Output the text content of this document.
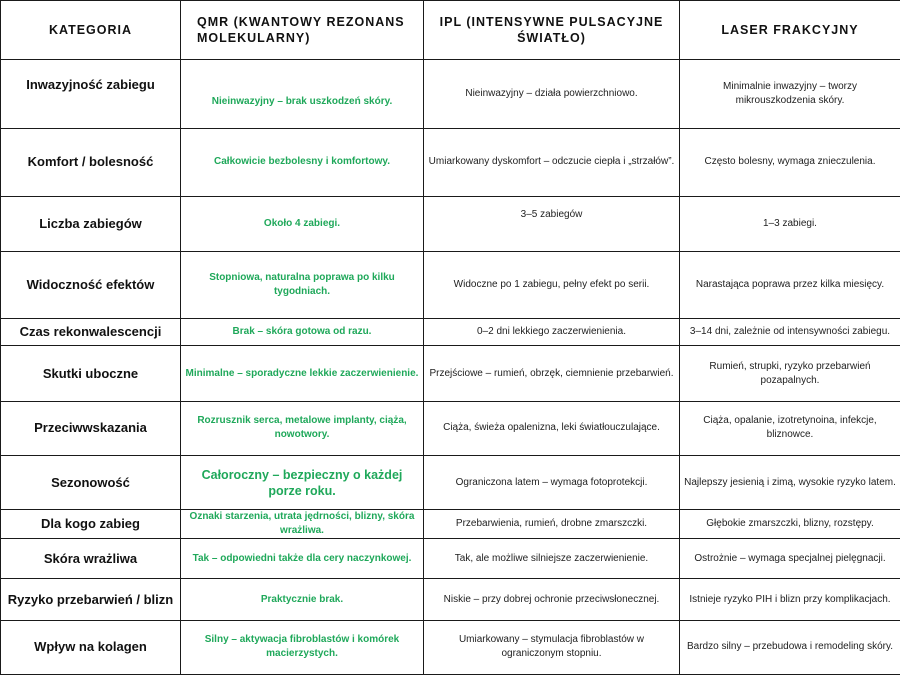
KATEGORIA	QMR (KWANTOWY REZONANS MOLEKULARNY)	IPL (INTENSYWNE PULSACYJNE ŚWIATŁO)	LASER FRAKCYJNY
Inwazyjność zabiegu	Nieinwazyjny – brak uszkodzeń skóry.	Nieinwazyjny – działa powierzchniowo.	Minimalnie inwazyjny – tworzy mikrouszkodzenia skóry.
Komfort / bolesność	Całkowicie bezbolesny i komfortowy.	Umiarkowany dyskomfort – odczucie ciepła i „strzałów”.	Często bolesny, wymaga znieczulenia.
Liczba zabiegów	Około 4 zabiegi.	3–5 zabiegów	1–3 zabiegi.
Widoczność efektów	Stopniowa, naturalna poprawa po kilku tygodniach.	Widoczne po 1 zabiegu, pełny efekt po serii.	Narastająca poprawa przez kilka miesięcy.
Czas rekonwalescencji	Brak – skóra gotowa od razu.	0–2 dni lekkiego zaczerwienienia.	3–14 dni, zależnie od intensywności zabiegu.
Skutki uboczne	Minimalne – sporadyczne lekkie zaczerwienienie.	Przejściowe – rumień, obrzęk, ciemnienie przebarwień.	Rumień, strupki, ryzyko przebarwień pozapalnych.
Przeciwwskazania	Rozrusznik serca, metalowe implanty, ciąża, nowotwory.	Ciąża, świeża opalenizna, leki światłouczulające.	Ciąża, opalanie, izotretynoina, infekcje, bliznowce.
Sezonowość	Całoroczny – bezpieczny o każdej porze roku.	Ograniczona latem – wymaga fotoprotekcji.	Najlepszy jesienią i zimą, wysokie ryzyko latem.
Dla kogo zabieg	Oznaki starzenia, utrata jędrności, blizny, skóra wrażliwa.	Przebarwienia, rumień, drobne zmarszczki.	Głębokie zmarszczki, blizny, rozstępy.
Skóra wrażliwa	Tak – odpowiedni także dla cery naczynkowej.	Tak, ale możliwe silniejsze zaczerwienienie.	Ostrożnie – wymaga specjalnej pielęgnacji.
Ryzyko przebarwień / blizn	Praktycznie brak.	Niskie – przy dobrej ochronie przeciwsłonecznej.	Istnieje ryzyko PIH i blizn przy komplikacjach.
Wpływ na kolagen	Silny – aktywacja fibroblastów i komórek macierzystych.	Umiarkowany – stymulacja fibroblastów w ograniczonym stopniu.	Bardzo silny – przebudowa i remodeling skóry.
